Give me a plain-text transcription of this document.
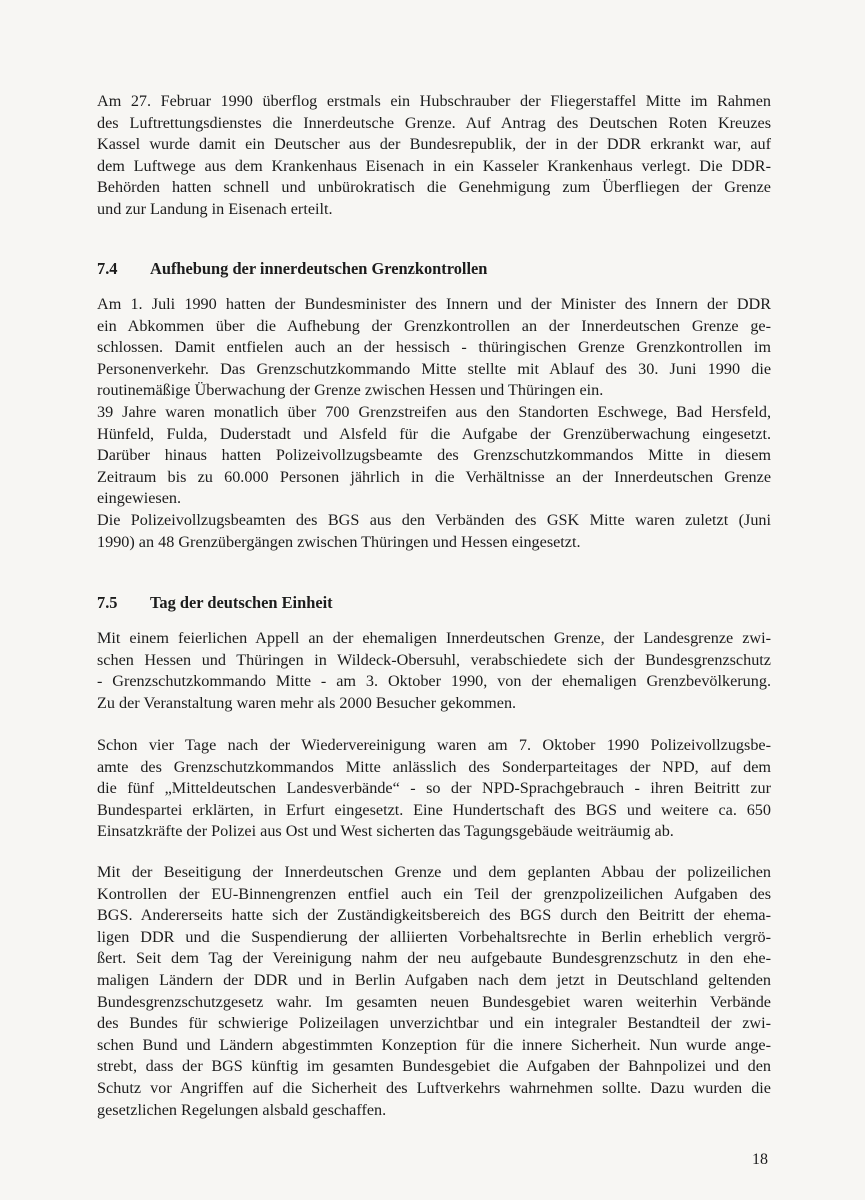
Am 27. Februar 1990 überflog erstmals ein Hubschrauber der Fliegerstaffel Mitte im Rahmen
des Luftrettungsdienstes die Innerdeutsche Grenze. Auf Antrag des Deutschen Roten Kreuzes
Kassel wurde damit ein Deutscher aus der Bundesrepublik, der in der DDR erkrankt war, auf
dem Luftwege aus dem Krankenhaus Eisenach in ein Kasseler Krankenhaus verlegt. Die DDR-
Behörden hatten schnell und unbürokratisch die Genehmigung zum Überfliegen der Grenze
und zur Landung in Eisenach erteilt.
7.4 Aufhebung der innerdeutschen Grenzkontrollen
Am 1. Juli 1990 hatten der Bundesminister des Innern und der Minister des Innern der DDR
ein Abkommen über die Aufhebung der Grenzkontrollen an der Innerdeutschen Grenze ge-
schlossen. Damit entfielen auch an der hessisch - thüringischen Grenze Grenzkontrollen im
Personenverkehr. Das Grenzschutzkommando Mitte stellte mit Ablauf des 30. Juni 1990 die
routinemäßige Überwachung der Grenze zwischen Hessen und Thüringen ein.
39 Jahre waren monatlich über 700 Grenzstreifen aus den Standorten Eschwege, Bad Hersfeld,
Hünfeld, Fulda, Duderstadt und Alsfeld für die Aufgabe der Grenzüberwachung eingesetzt.
Darüber hinaus hatten Polizeivollzugsbeamte des Grenzschutzkommandos Mitte in diesem
Zeitraum bis zu 60.000 Personen jährlich in die Verhältnisse an der Innerdeutschen Grenze
eingewiesen.
Die Polizeivollzugsbeamten des BGS aus den Verbänden des GSK Mitte waren zuletzt (Juni
1990) an 48 Grenzübergängen zwischen Thüringen und Hessen eingesetzt.
7.5 Tag der deutschen Einheit
Mit einem feierlichen Appell an der ehemaligen Innerdeutschen Grenze, der Landesgrenze zwi-
schen Hessen und Thüringen in Wildeck-Obersuhl, verabschiedete sich der Bundesgrenzschutz
- Grenzschutzkommando Mitte - am 3. Oktober 1990, von der ehemaligen Grenzbevölkerung.
Zu der Veranstaltung waren mehr als 2000 Besucher gekommen.
Schon vier Tage nach der Wiedervereinigung waren am 7. Oktober 1990 Polizeivollzugsbe-
amte des Grenzschutzkommandos Mitte anlässlich des Sonderparteitages der NPD, auf dem
die fünf „Mitteldeutschen Landesverbände“ - so der NPD-Sprachgebrauch - ihren Beitritt zur
Bundespartei erklärten, in Erfurt eingesetzt. Eine Hundertschaft des BGS und weitere ca. 650
Einsatzkräfte der Polizei aus Ost und West sicherten das Tagungsgebäude weiträumig ab.
Mit der Beseitigung der Innerdeutschen Grenze und dem geplanten Abbau der polizeilichen
Kontrollen der EU-Binnengrenzen entfiel auch ein Teil der grenzpolizeilichen Aufgaben des
BGS. Andererseits hatte sich der Zuständigkeitsbereich des BGS durch den Beitritt der ehema-
ligen DDR und die Suspendierung der alliierten Vorbehaltsrechte in Berlin erheblich vergrö-
ßert. Seit dem Tag der Vereinigung nahm der neu aufgebaute Bundesgrenzschutz in den ehe-
maligen Ländern der DDR und in Berlin Aufgaben nach dem jetzt in Deutschland geltenden
Bundesgrenzschutzgesetz wahr. Im gesamten neuen Bundesgebiet waren weiterhin Verbände
des Bundes für schwierige Polizeilagen unverzichtbar und ein integraler Bestandteil der zwi-
schen Bund und Ländern abgestimmten Konzeption für die innere Sicherheit. Nun wurde ange-
strebt, dass der BGS künftig im gesamten Bundesgebiet die Aufgaben der Bahnpolizei und den
Schutz vor Angriffen auf die Sicherheit des Luftverkehrs wahrnehmen sollte. Dazu wurden die
gesetzlichen Regelungen alsbald geschaffen.
18
